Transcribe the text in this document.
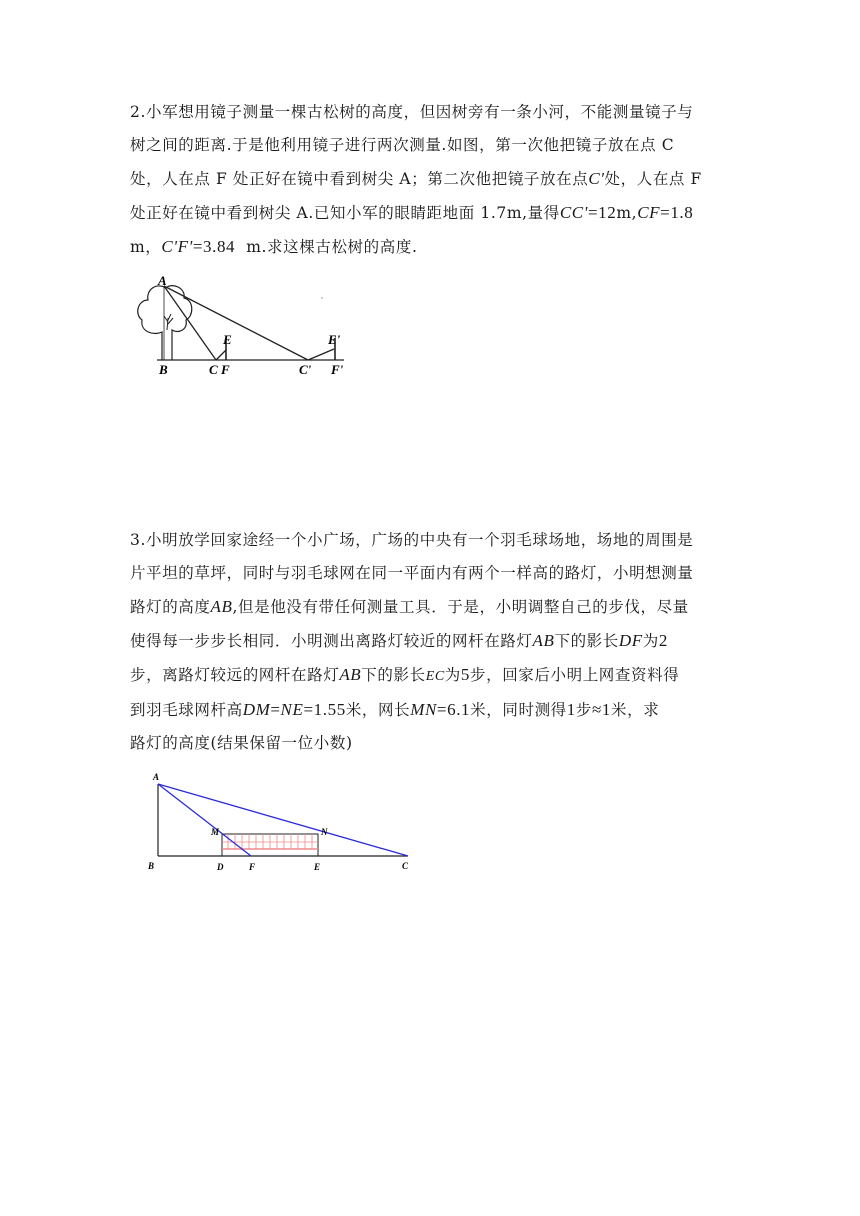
2.小军想用镜子测量一棵古松树的高度，但因树旁有一条小河，不能测量镜子与
树之间的距离.于是他利用镜子进行两次测量.如图，第一次他把镜子放在点 C
处，人在点 F 处正好在镜中看到树尖 A；第二次他把镜子放在点C'处，人在点 F
处正好在镜中看到树尖 A.已知小军的眼睛距地面 1.7m,量得CC'=12m,CF=1.8
m，C'F'=3.84 m.求这棵古松树的高度.
A
B	C F
E
C'
E'
F'
3.小明放学回家途经一个小广场，广场的中央有一个羽毛球场地，场地的周围是
片平坦的草坪，同时与羽毛球网在同一平面内有两个一样高的路灯，小明想测量
路灯的高度AB,但是他没有带任何测量工具．于是，小明调整自己的步伐，尽量
使得每一步步长相同．小明测出离路灯较近的网杆在路灯AB下的影长DF为2
步，离路灯较远的网杆在路灯AB下的影长EC为5步，回家后小明上网查资料得
到羽毛球网杆高DM=NE=1.55米，网长MN=6.1米，同时测得1步≈1米，求
路灯的高度(结果保留一位小数)
A
M	N
B	D	F	E	C
